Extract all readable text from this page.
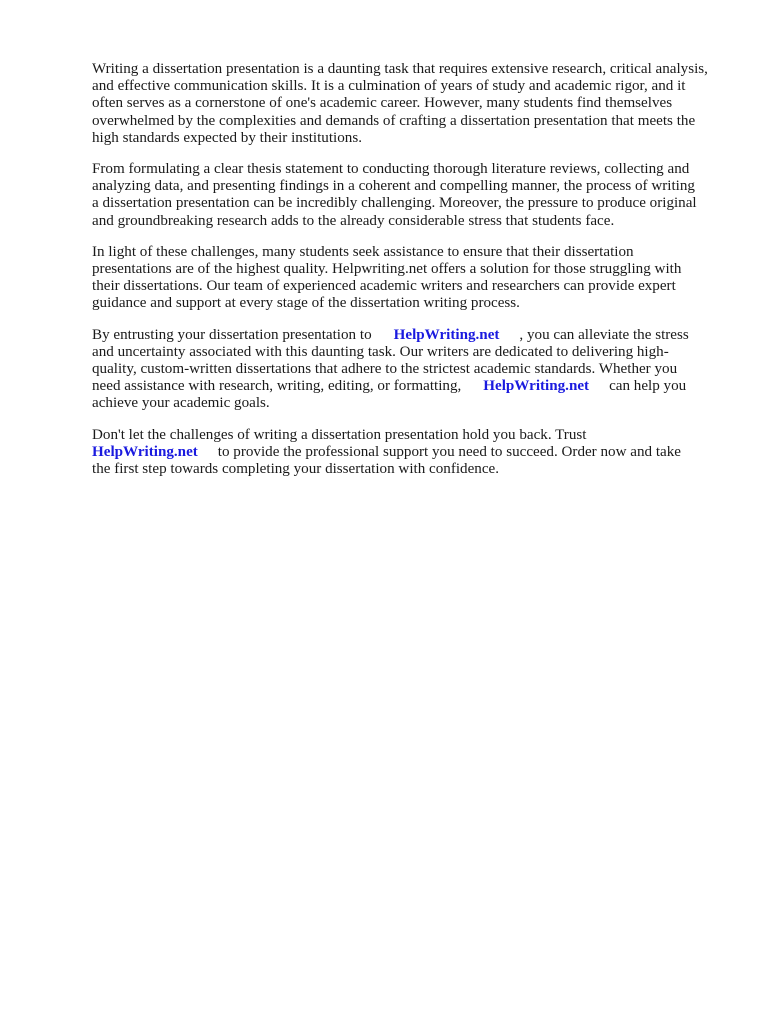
Writing a dissertation presentation is a daunting task that requires extensive research, critical analysis,
and effective communication skills. It is a culmination of years of study and academic rigor, and it
often serves as a cornerstone of one's academic career. However, many students find themselves
overwhelmed by the complexities and demands of crafting a dissertation presentation that meets the
high standards expected by their institutions.

From formulating a clear thesis statement to conducting thorough literature reviews, collecting and
analyzing data, and presenting findings in a coherent and compelling manner, the process of writing
a dissertation presentation can be incredibly challenging. Moreover, the pressure to produce original
and groundbreaking research adds to the already considerable stress that students face.

In light of these challenges, many students seek assistance to ensure that their dissertation
presentations are of the highest quality. Helpwriting.net offers a solution for those struggling with
their dissertations. Our team of experienced academic writers and researchers can provide expert
guidance and support at every stage of the dissertation writing process.

By entrusting your dissertation presentation to HelpWriting.net , you can alleviate the stress
and uncertainty associated with this daunting task. Our writers are dedicated to delivering high-
quality, custom-written dissertations that adhere to the strictest academic standards. Whether you
need assistance with research, writing, editing, or formatting, HelpWriting.net can help you
achieve your academic goals.

Don't let the challenges of writing a dissertation presentation hold you back. Trust
HelpWriting.net to provide the professional support you need to succeed. Order now and take
the first step towards completing your dissertation with confidence.
